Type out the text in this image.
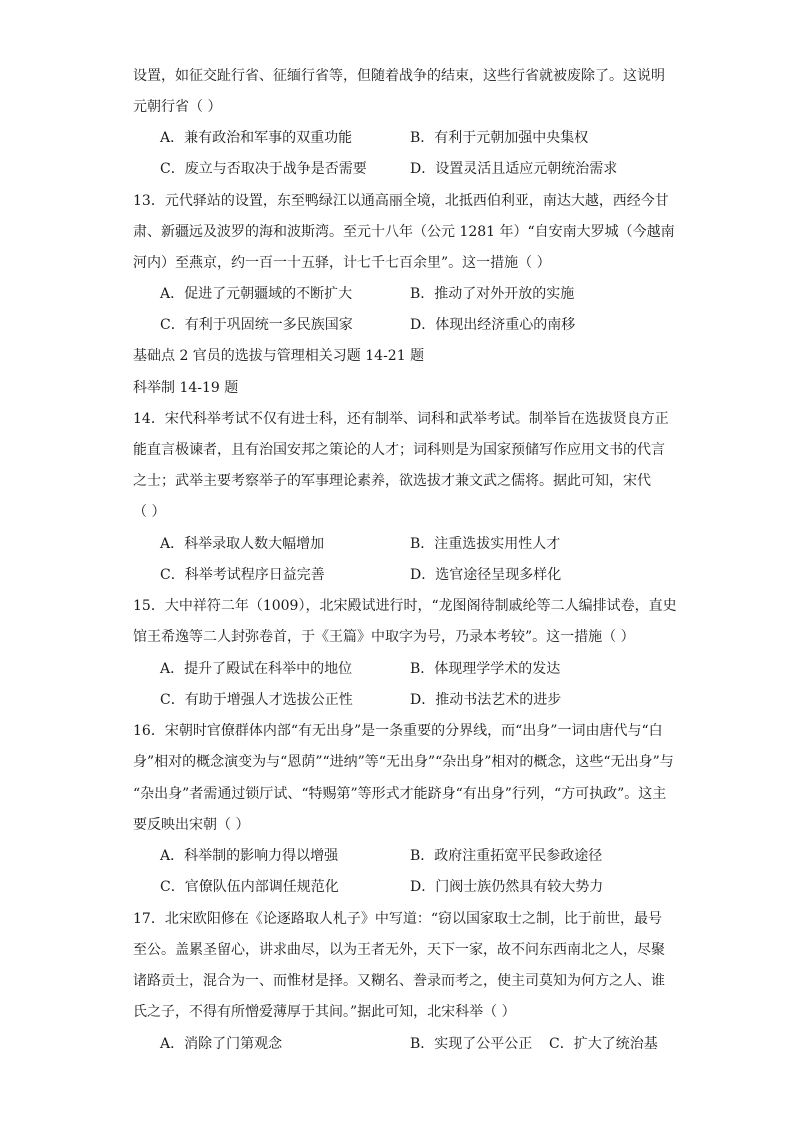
设置，如征交趾行省、征缅行省等，但随着战争的结束，这些行省就被废除了。这说明
元朝行省（ ）
A．兼有政治和军事的双重功能	B．有利于元朝加强中央集权
C．废立与否取决于战争是否需要	D．设置灵活且适应元朝统治需求
13．元代驿站的设置，东至鸭绿江以通高丽全境，北抵西伯利亚，南达大越，西经今甘
肃、新疆远及波罗的海和波斯湾。至元十八年（公元 1281 年）“自安南大罗城（今越南
河内）至燕京，约一百一十五驿，计七千七百余里”。这一措施（ ）
A．促进了元朝疆域的不断扩大	B．推动了对外开放的实施
C．有利于巩固统一多民族国家	D．体现出经济重心的南移
基础点 2 官员的选拔与管理相关习题 14-21 题
科举制 14-19 题
14．宋代科举考试不仅有进士科，还有制举、词科和武举考试。制举旨在选拔贤良方正
能直言极谏者，且有治国安邦之策论的人才；词科则是为国家预储写作应用文书的代言
之士；武举主要考察举子的军事理论素养，欲选拔才兼文武之儒将。据此可知，宋代
（ ）
A．科举录取人数大幅增加	B．注重选拔实用性人才
C．科举考试程序日益完善	D．选官途径呈现多样化
15．大中祥符二年（1009），北宋殿试进行时，“龙图阁待制戚纶等二人编排试卷，直史
馆王希逸等二人封弥卷首，于《王篇》中取字为号，乃录本考较”。这一措施（ ）
A．提升了殿试在科举中的地位	B．体现理学学术的发达
C．有助于增强人才选拔公正性	D．推动书法艺术的进步
16．宋朝时官僚群体内部“有无出身”是一条重要的分界线，而“出身”一词由唐代与“白
身”相对的概念演变为与“恩荫”“进纳”等“无出身”“杂出身”相对的概念，这些“无出身”与
“杂出身”者需通过锁厅试、“特赐第”等形式才能跻身“有出身”行列，“方可执政”。这主
要反映出宋朝（ ）
A．科举制的影响力得以增强	B．政府注重拓宽平民参政途径
C．官僚队伍内部调任规范化	D．门阀士族仍然具有较大势力
17．北宋欧阳修在《论逐路取人札子》中写道：“窃以国家取士之制，比于前世，最号
至公。盖累圣留心，讲求曲尽，以为王者无外，天下一家，故不问东西南北之人，尽聚
诸路贡士，混合为一、而惟材是择。又糊名、誊录而考之，使主司莫知为何方之人、谁
氏之子，不得有所憎爱薄厚于其间。”据此可知，北宋科举（ ）
A．消除了门第观念	B．实现了公平公正 C．扩大了统治基
